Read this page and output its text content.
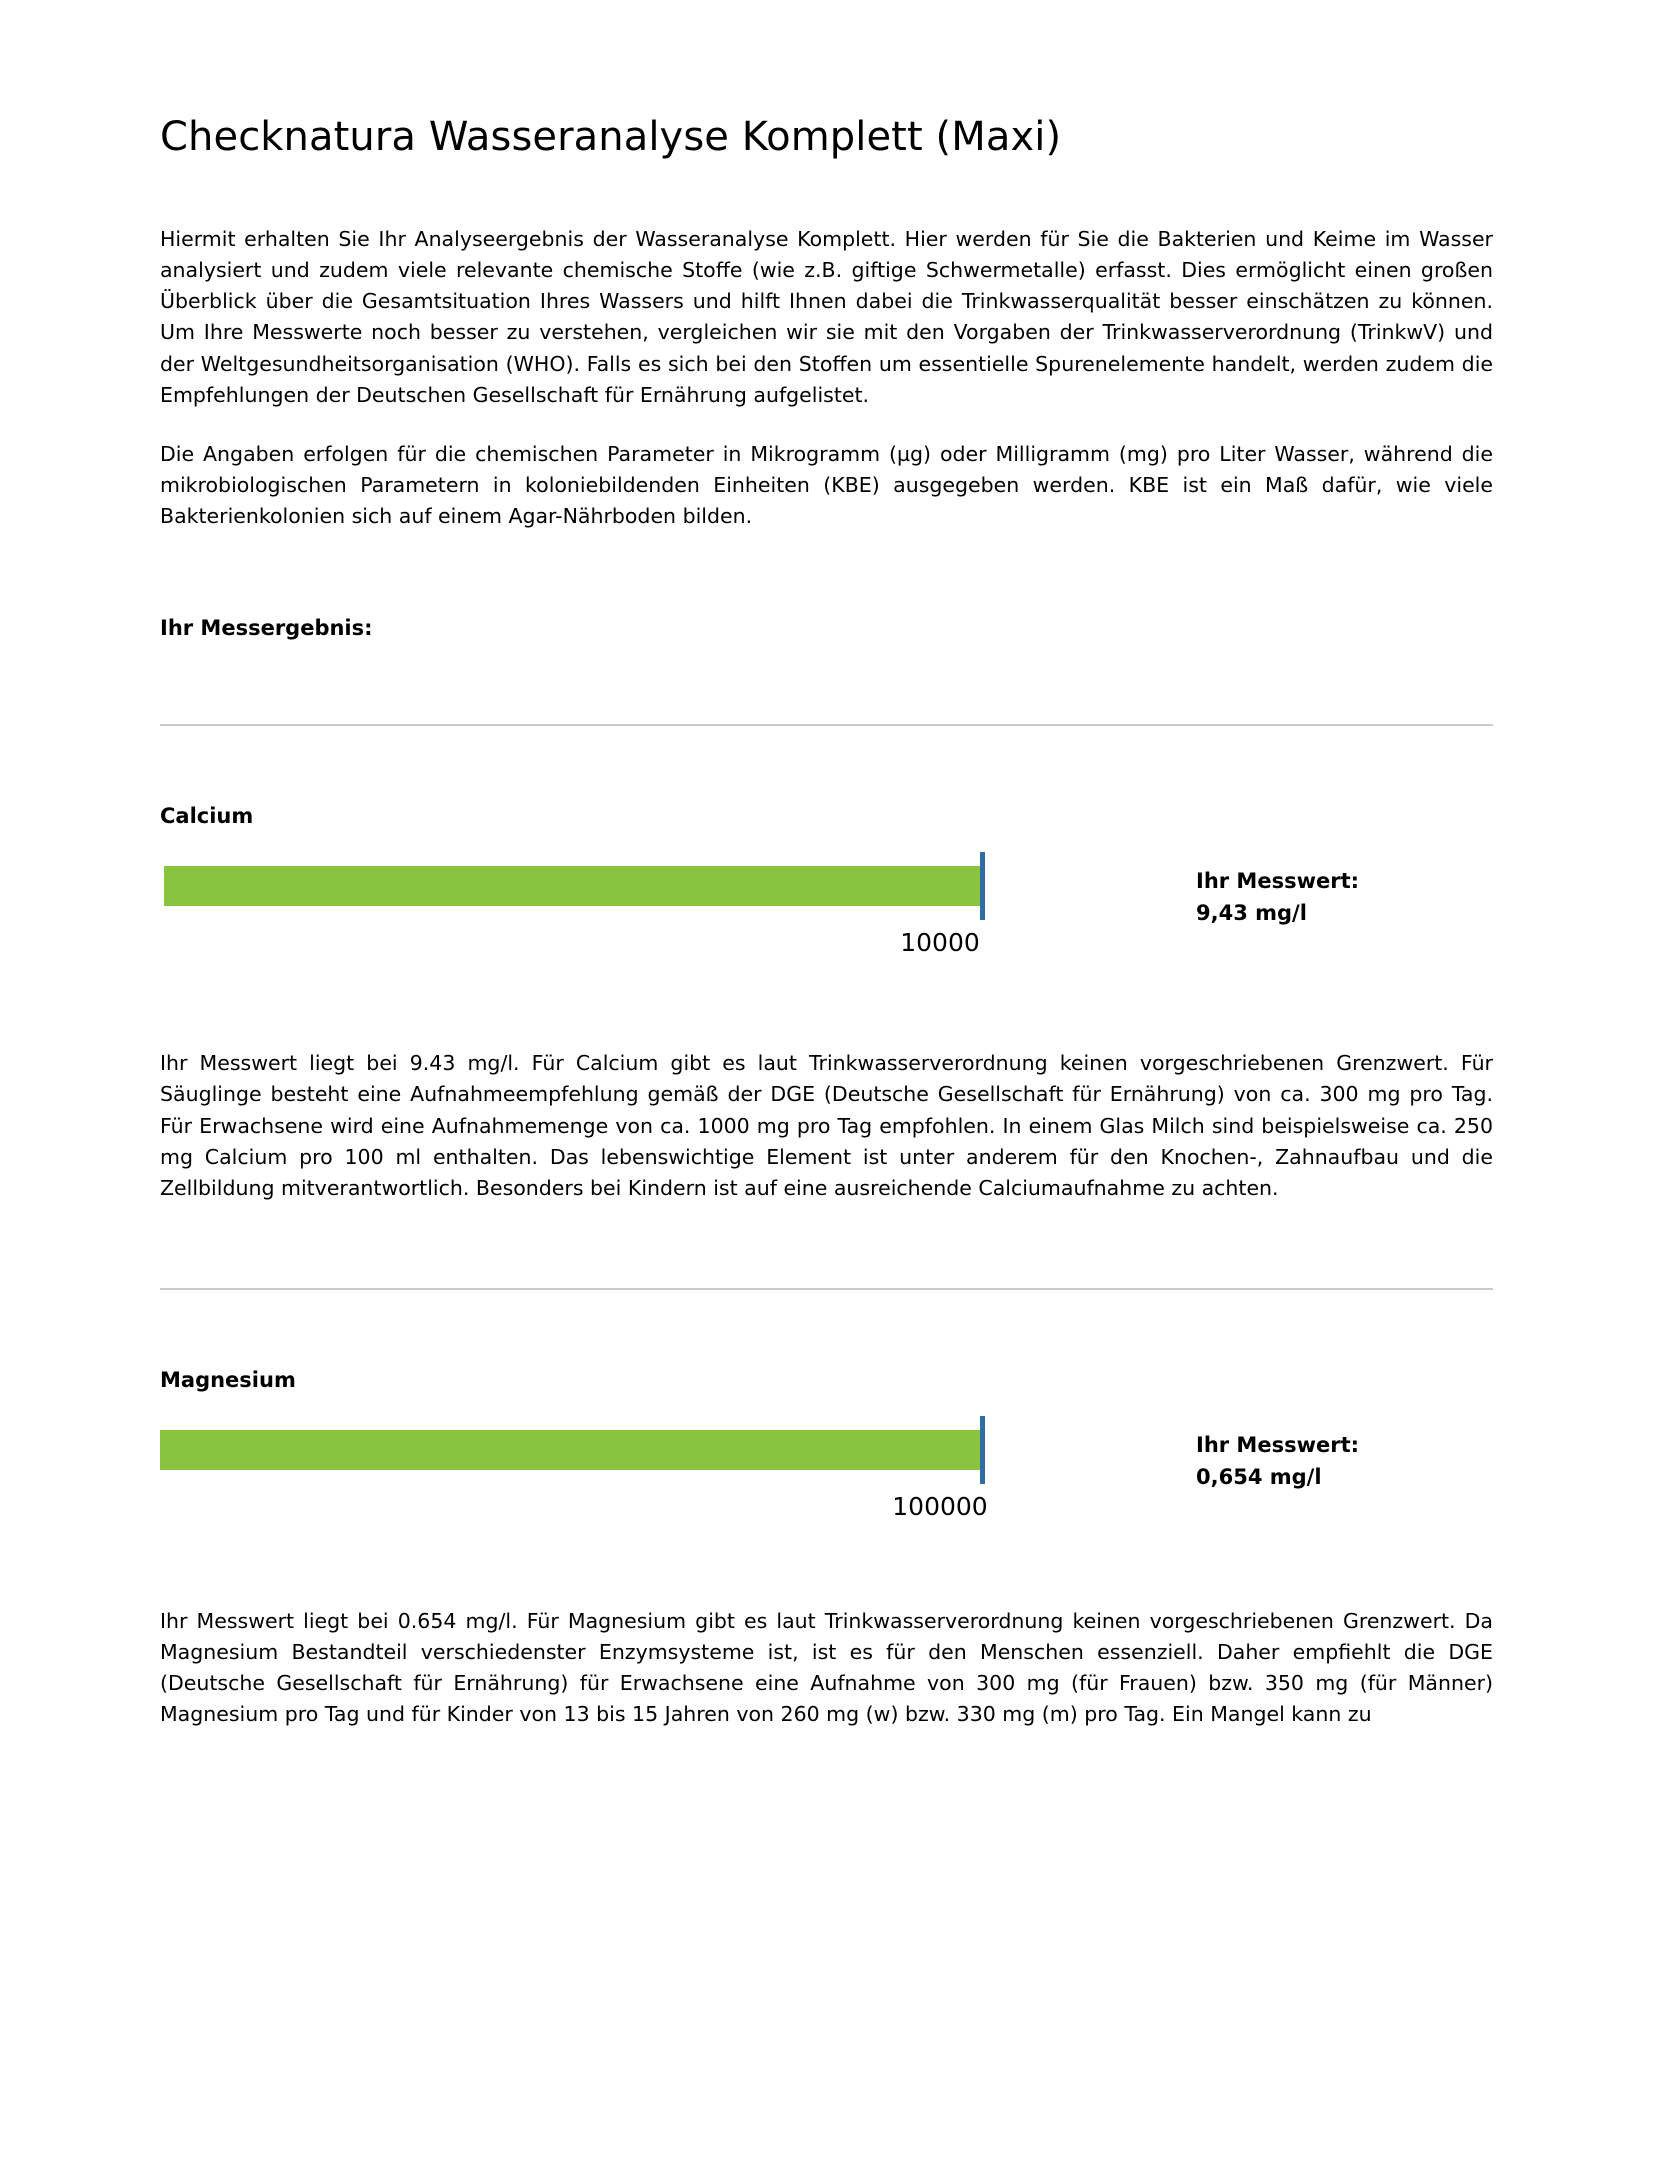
Checknatura Wasseranalyse Komplett (Maxi)

Hiermit erhalten Sie Ihr Analyseergebnis der Wasseranalyse Komplett. Hier werden für Sie die Bakterien und Keime im Wasser analysiert und zudem viele relevante chemische Stoffe (wie z.B. giftige Schwermetalle) erfasst. Dies ermöglicht einen großen Überblick über die Gesamtsituation Ihres Wassers und hilft Ihnen dabei die Trinkwasserqualität besser einschätzen zu können. Um Ihre Messwerte noch besser zu verstehen, vergleichen wir sie mit den Vorgaben der Trinkwasserverordnung (TrinkwV) und der Weltgesundheitsorganisation (WHO). Falls es sich bei den Stoffen um essentielle Spurenelemente handelt, werden zudem die Empfehlungen der Deutschen Gesellschaft für Ernährung aufgelistet.

Die Angaben erfolgen für die chemischen Parameter in Mikrogramm (µg) oder Milligramm (mg) pro Liter Wasser, während die mikrobiologischen Parametern in koloniebildenden Einheiten (KBE) ausgegeben werden. KBE ist ein Maß dafür, wie viele Bakterienkolonien sich auf einem Agar-Nährboden bilden.

Ihr Messergebnis:
Calcium
10000
Ihr Messwert:
9,43 mg/l

Ihr Messwert liegt bei 9.43 mg/l. Für Calcium gibt es laut Trinkwasserverordnung keinen vorgeschriebenen Grenzwert. Für Säuglinge besteht eine Aufnahmeempfehlung gemäß der DGE (Deutsche Gesellschaft für Ernährung) von ca. 300 mg pro Tag. Für Erwachsene wird eine Aufnahmemenge von ca. 1000 mg pro Tag empfohlen. In einem Glas Milch sind beispielsweise ca. 250 mg Calcium pro 100 ml enthalten. Das lebenswichtige Element ist unter anderem für den Knochen-, Zahnaufbau und die Zellbildung mitverantwortlich. Besonders bei Kindern ist auf eine ausreichende Calciumaufnahme zu achten.

Magnesium
100000
Ihr Messwert:
0,654 mg/l

Ihr Messwert liegt bei 0.654 mg/l. Für Magnesium gibt es laut Trinkwasserverordnung keinen vorgeschriebenen Grenzwert. Da Magnesium Bestandteil verschiedenster Enzymsysteme ist, ist es für den Menschen essenziell. Daher empfiehlt die DGE (Deutsche Gesellschaft für Ernährung) für Erwachsene eine Aufnahme von 300 mg (für Frauen) bzw. 350 mg (für Männer) Magnesium pro Tag und für Kinder von 13 bis 15 Jahren von 260 mg (w) bzw. 330 mg (m) pro Tag. Ein Mangel kann zu
